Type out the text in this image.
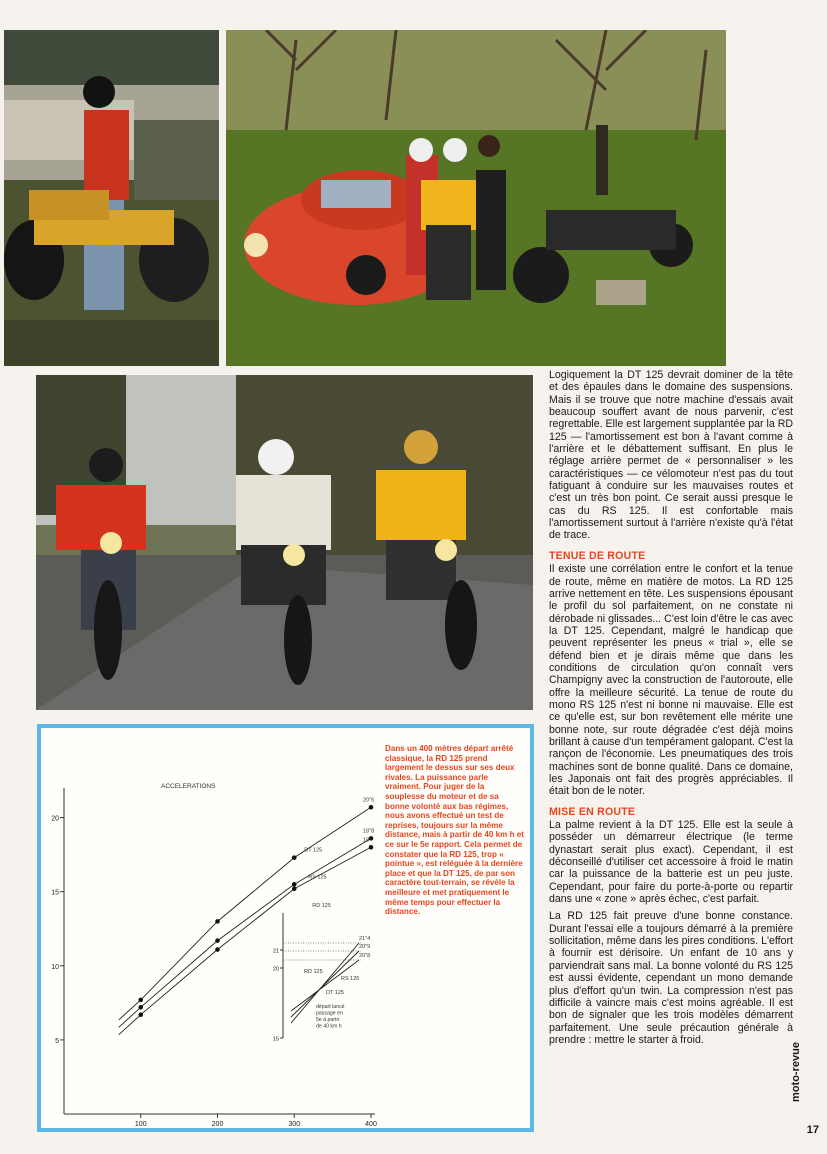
Logiquement la DT 125 devrait dominer de la tête et des épaules dans le domaine des suspensions. Mais il se trouve que notre machine d'essais avait beaucoup souffert avant de nous parvenir, c'est regrettable. Elle est largement supplantée par la RD 125 — l'amortissement est bon à l'avant comme à l'arrière et le débattement suffisant. En plus le réglage arrière permet de « personnaliser » les caractéristiques — ce vélomoteur n'est pas du tout fatiguant à conduire sur les mauvaises routes et c'est un très bon point. Ce serait aussi presque le cas du RS 125. Il est confortable mais l'amortissement surtout à l'arrière n'existe qu'à l'état de trace.

TENUE DE ROUTE

Il existe une corrélation entre le confort et la tenue de route, même en matière de motos. La RD 125 arrive nettement en tête. Les suspensions épousant le profil du sol parfaitement, on ne constate ni dérobade ni glissades... C'est loin d'être le cas avec la DT 125. Cependant, malgré le handicap que peuvent représenter les pneus « trial », elle se défend bien et je dirais même que dans les conditions de circulation qu'on connaît vers Champigny avec la construction de l'autoroute, elle offre la meilleure sécurité. La tenue de route du mono RS 125 n'est ni bonne ni mauvaise. Elle est ce qu'elle est, sur bon revêtement elle mérite une bonne note, sur route dégradée c'est déjà moins brillant à cause d'un tempérament galopant. C'est la rançon de l'économie. Les pneumatiques des trois machines sont de bonne qualité. Dans ce domaine, les Japonais ont fait des progrès appréciables. Il était bon de le noter.

MISE EN ROUTE

La palme revient à la DT 125. Elle est la seule à posséder un démarreur électrique (le terme dynastart serait plus exact). Cependant, il est déconseillé d'utiliser cet accessoire à froid le matin car la puissance de la batterie est un peu juste. Cependant, pour faire du porte-à-porte ou repartir dans une « zone » après échec, c'est parfait.

La RD 125 fait preuve d'une bonne constance. Durant l'essai elle a toujours démarré à la première sollicitation, même dans les pires conditions. L'effort à fournir est dérisoire. Un enfant de 10 ans y parviendrait sans mal. La bonne volonté du RS 125 est aussi évidente, cependant un mono demande plus d'effort qu'un twin. La compression n'est pas difficile à vaincre mais c'est moins agréable. Il est bon de signaler que les trois modèles démarrent parfaitement. Une seule précaution générale à prendre : mettre le starter à froid.

ACCELERATIONS
5
10
15
20
100	200	300	400
20"6
DT 125
18"8
RS 125
18"
RD 125
15
20
21
21"4
20"9
20"8
RD 125
RS 125
DT 125
départ lancé
passage en
5e à partir
de 40 km h
Dans un 400 mètres départ arrêté classique, la RD 125 prend largement le dessus sur ses deux rivales. La puissance parle vraiment. Pour juger de la souplesse du moteur et de sa bonne volonté aux bas régimes, nous avons effectué un test de reprises, toujours sur la même distance, mais à partir de 40 km h et ce sur le 5e rapport. Cela permet de constater que la RD 125, trop « pointue », est reléguée à la dernière place et que la DT 125, de par son caractère tout-terrain, se révèle la meilleure et met pratiquement le même temps pour effectuer la distance.
moto-revue
17
